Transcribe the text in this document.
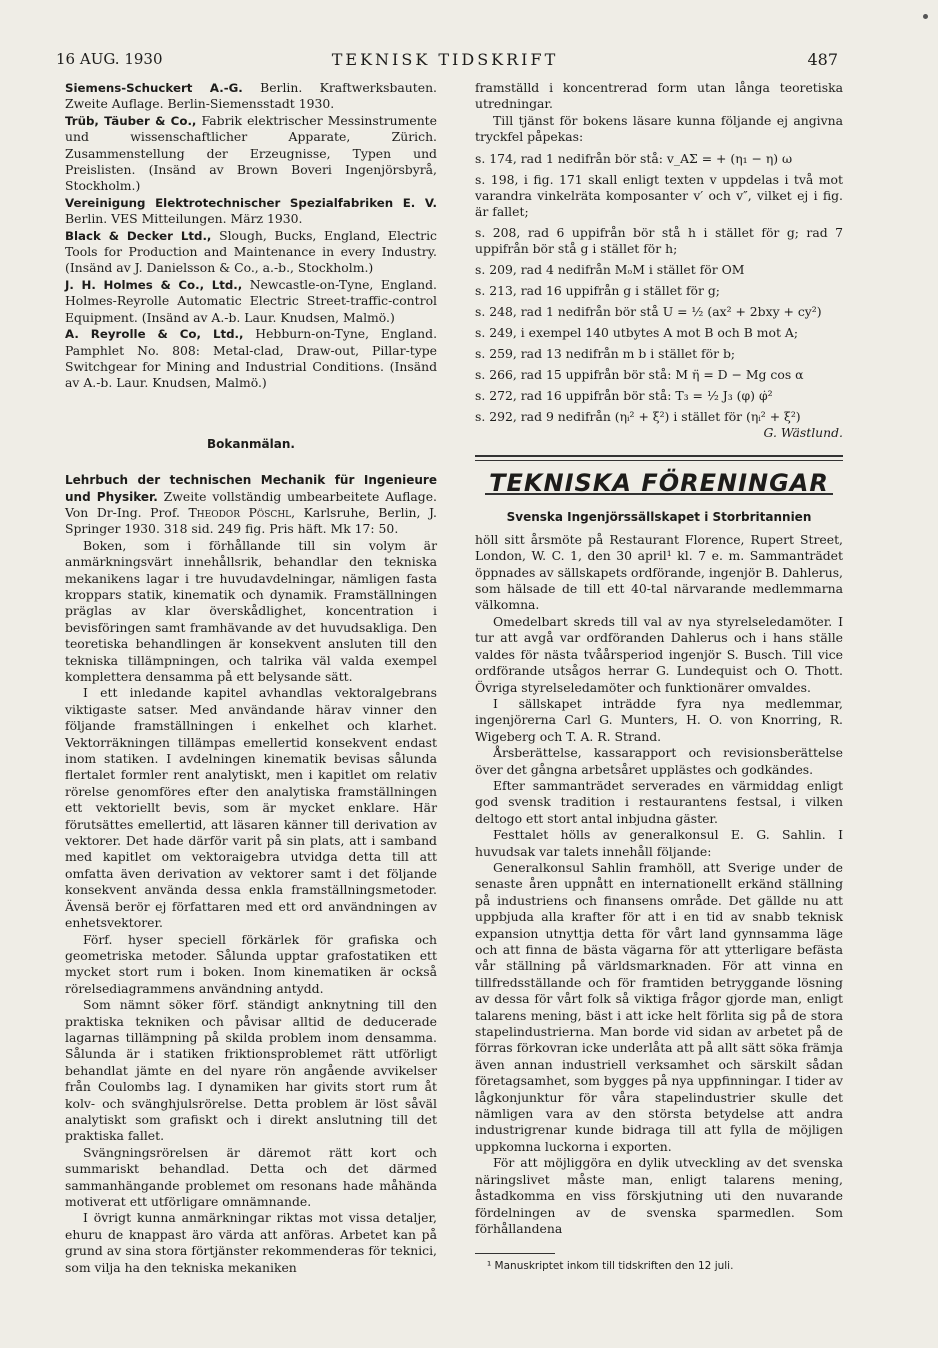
16 AUG. 1930	TEKNISK TIDSKRIFT	487

Siemens-Schuckert A.-G. Berlin. Kraftwerksbauten. Zweite Auflage. Berlin-Siemensstadt 1930.

Trüb, Täuber & Co., Fabrik elektrischer Messinstrumente und wissenschaftlicher Apparate, Zürich. Zusammenstellung der Erzeugnisse, Typen und Preislisten. (Insänd av Brown Boveri Ingenjörsbyrå, Stockholm.)

Vereinigung Elektrotechnischer Spezialfabriken E. V. Berlin. VES Mitteilungen. März 1930.

Black & Decker Ltd., Slough, Bucks, England, Electric Tools for Production and Maintenance in every Industry. (Insänd av J. Danielsson & Co., a.-b., Stockholm.)

J. H. Holmes & Co., Ltd., Newcastle-on-Tyne, England. Holmes-Reyrolle Automatic Electric Street-traffic-control Equipment. (Insänd av A.-b. Laur. Knudsen, Malmö.)

A. Reyrolle & Co, Ltd., Hebburn-on-Tyne, England. Pamphlet No. 808: Metal-clad, Draw-out, Pillar-type Switchgear for Mining and Industrial Conditions. (Insänd av A.-b. Laur. Knudsen, Malmö.)

Bokanmälan.

Lehrbuch der technischen Mechanik für Ingenieure und Physiker. Zweite vollständig umbearbeitete Auflage. Von Dr-Ing. Prof. Theodor Pöschl, Karlsruhe, Berlin, J. Springer 1930. 318 sid. 249 fig. Pris häft. Mk 17: 50.

Boken, som i förhållande till sin volym är anmärkningsvärt innehållsrik, behandlar den tekniska mekanikens lagar i tre huvudavdelningar, nämligen fasta kroppars statik, kinematik och dynamik. Framställningen präglas av klar överskådlighet, koncentration i bevisföringen samt framhävande av det huvudsakliga. Den teoretiska behandlingen är konsekvent ansluten till den tekniska tillämpningen, och talrika väl valda exempel komplettera densamma på ett belysande sätt.

I ett inledande kapitel avhandlas vektoralgebrans viktigaste satser. Med användande härav vinner den följande framställningen i enkelhet och klarhet. Vektorräkningen tillämpas emellertid konsekvent endast inom statiken. I avdelningen kinematik bevisas sålunda flertalet formler rent analytiskt, men i kapitlet om relativ rörelse genomföres efter den analytiska framställningen ett vektoriellt bevis, som är mycket enklare. Här förutsättes emellertid, att läsaren känner till derivation av vektorer. Det hade därför varit på sin plats, att i samband med kapitlet om vektoraigebra utvidga detta till att omfatta även derivation av vektorer samt i det följande konsekvent använda dessa enkla framställningsmetoder. Ävensä berör ej författaren med ett ord användningen av enhetsvektorer.

Förf. hyser speciell förkärlek för grafiska och geometriska metoder. Sålunda upptar grafostatiken ett mycket stort rum i boken. Inom kinematiken är också rörelsediagrammens användning antydd.

Som nämnt söker förf. ständigt anknytning till den praktiska tekniken och påvisar alltid de deducerade lagarnas tillämpning på skilda problem inom densamma. Sålunda är i statiken friktionsproblemet rätt utförligt behandlat jämte en del nyare rön angående avvikelser från Coulombs lag. I dynamiken har givits stort rum åt kolv- och svänghjulsrörelse. Detta problem är löst såväl analytiskt som grafiskt och i direkt anslutning till det praktiska fallet.

Svängningsrörelsen är däremot rätt kort och summariskt behandlad. Detta och det därmed sammanhängande problemet om resonans hade måhända motiverat ett utförligare omnämnande.

I övrigt kunna anmärkningar riktas mot vissa detaljer, ehuru de knappast äro värda att anföras. Arbetet kan på grund av sina stora förtjänster rekommenderas för teknici, som vilja ha den tekniska mekaniken

framställd i koncentrerad form utan långa teoretiska utredningar.

Till tjänst för bokens läsare kunna följande ej angivna tryckfel påpekas:

s. 174, rad 1 nedifrån bör stå: v_AΣ = + (η₁ − η) ω

s. 198, i fig. 171 skall enligt texten v uppdelas i två mot varandra vinkelräta komposanter v′ och v″, vilket ej i fig. är fallet;

s. 208, rad 6 uppifrån bör stå h i stället för g; rad 7 uppifrån bör stå g i stället för h;

s. 209, rad 4 nedifrån MₒM i stället för OM

s. 213, rad 16 uppifrån g i stället för g;

s. 248, rad 1 nedifrån bör stå U = ½ (ax² + 2bxy + cy²)

s. 249, i exempel 140 utbytes A mot B och B mot A;

s. 259, rad 13 nedifrån m b i stället för b;

s. 266, rad 15 uppifrån bör stå: M η̈ = D − Mg cos α

s. 272, rad 16 uppifrån bör stå: T₃ = ½ J₃ (φ) φ̇²

s. 292, rad 9 nedifrån (ηᵢ² + ξ²) i stället för (ηᵢ² + ξ²)

G. Wästlund.

TEKNISKA FÖRENINGAR
Svenska Ingenjörssällskapet i Storbritannien

höll sitt årsmöte på Restaurant Florence, Rupert Street, London, W. C. 1, den 30 april¹ kl. 7 e. m. Sammanträdet öppnades av sällskapets ordförande, ingenjör B. Dahlerus, som hälsade de till ett 40-tal närvarande medlemmarna välkomna.

Omedelbart skreds till val av nya styrelseledamöter. I tur att avgå var ordföranden Dahlerus och i hans ställe valdes för nästa tvåårsperiod ingenjör S. Busch. Till vice ordförande utsågos herrar G. Lundequist och O. Thott. Övriga styrelseledamöter och funktionärer omvaldes.

I sällskapet inträdde fyra nya medlemmar, ingenjörerna Carl G. Munters, H. O. von Knorring, R. Wigeberg och T. A. R. Strand.

Årsberättelse, kassarapport och revisionsberättelse över det gångna arbetsåret upplästes och godkändes.

Efter sammanträdet serverades en värmiddag enligt god svensk tradition i restaurantens festsal, i vilken deltogo ett stort antal inbjudna gäster.

Festtalet hölls av generalkonsul E. G. Sahlin. I huvudsak var talets innehåll följande:

Generalkonsul Sahlin framhöll, att Sverige under de senaste åren uppnått en internationellt erkänd ställning på industriens och finansens område. Det gällde nu att uppbjuda alla krafter för att i en tid av snabb teknisk expansion utnyttja detta för vårt land gynnsamma läge och att finna de bästa vägarna för att ytterligare befästa vår ställning på världsmarknaden. För att vinna en tillfredsställande och för framtiden betryggande lösning av dessa för vårt folk så viktiga frågor gjorde man, enligt talarens mening, bäst i att icke helt förlita sig på de stora stapelindustrierna. Man borde vid sidan av arbetet på de förras förkovran icke underlåta att på allt sätt söka främja även annan industriell verksamhet och särskilt sådan företagsamhet, som bygges på nya uppfinningar. I tider av lågkonjunktur för våra stapelindustrier skulle det nämligen vara av den största betydelse att andra industrigrenar kunde bidraga till att fylla de möjligen uppkomna luckorna i exporten.

För att möjliggöra en dylik utveckling av det svenska näringslivet måste man, enligt talarens mening, åstadkomma en viss förskjutning uti den nuvarande fördelningen av de svenska sparmedlen. Som förhållandena

¹ Manuskriptet inkom till tidskriften den 12 juli.
